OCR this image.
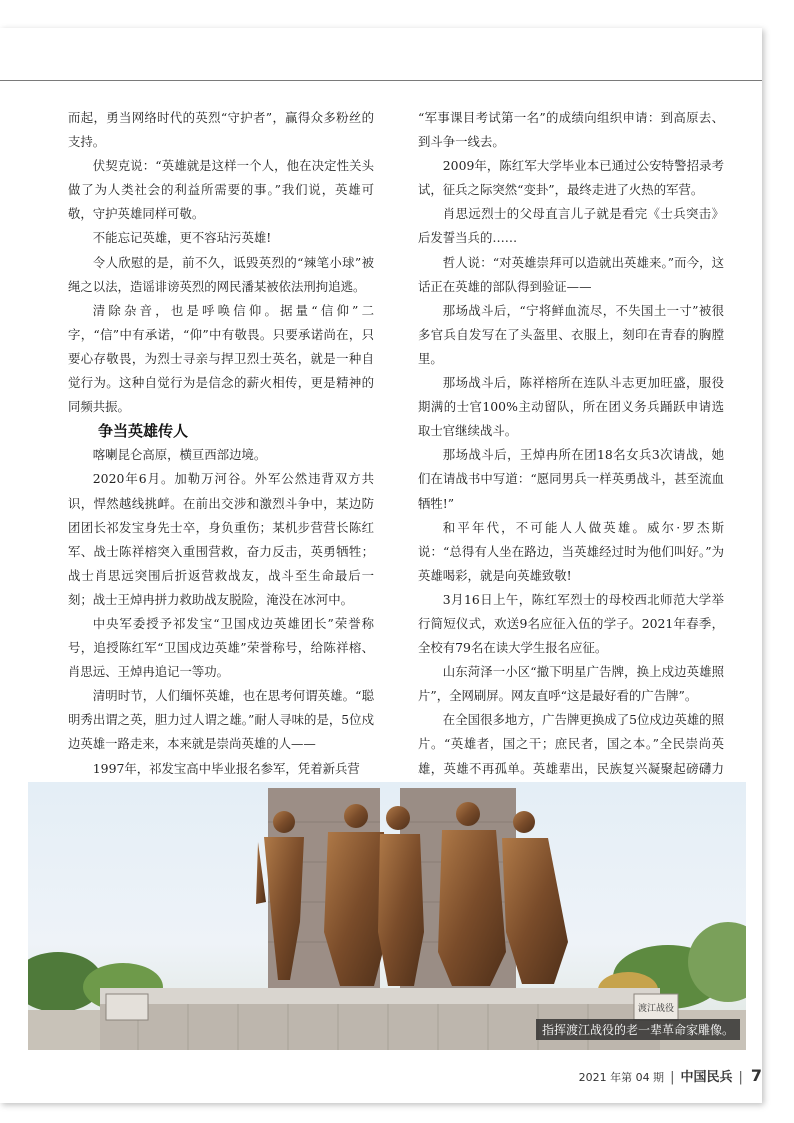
而起，勇当网络时代的英烈“守护者”，赢得众多粉丝的支持。

伏契克说：“英雄就是这样一个人，他在决定性关头做了为人类社会的利益所需要的事。”我们说，英雄可敬，守护英雄同样可敬。

不能忘记英雄，更不容玷污英雄!

令人欣慰的是，前不久，诋毁英烈的“辣笔小球”被绳之以法，造谣诽谤英烈的网民潘某被依法刑拘追逃。

清除杂音，也是呼唤信仰。据量“信仰”二字，“信”中有承诺，“仰”中有敬畏。只要承诺尚在，只要心存敬畏，为烈士寻亲与捍卫烈士英名，就是一种自觉行为。这种自觉行为是信念的薪火相传，更是精神的同频共振。

争当英雄传人

喀喇昆仑高原，横亘西部边境。

2020年6月。加勒万河谷。外军公然违背双方共识，悍然越线挑衅。在前出交涉和激烈斗争中，某边防团团长祁发宝身先士卒，身负重伤；某机步营营长陈红军、战士陈祥榕突入重围营救，奋力反击，英勇牺牲；战士肖思远突围后折返营救战友，战斗至生命最后一刻；战士王焯冉拼力救助战友脱险，淹没在冰河中。

中央军委授予祁发宝“卫国戍边英雄团长”荣誉称号，追授陈红军“卫国戍边英雄”荣誉称号，给陈祥榕、肖思远、王焯冉追记一等功。

清明时节，人们缅怀英雄，也在思考何谓英雄。“聪明秀出谓之英，胆力过人谓之雄。”耐人寻味的是，5位戍边英雄一路走来，本来就是崇尚英雄的人——

1997年，祁发宝高中毕业报名参军，凭着新兵营

“军事课目考试第一名”的成绩向组织申请：到高原去、到斗争一线去。

2009年，陈红军大学毕业本已通过公安特警招录考试，征兵之际突然“变卦”，最终走进了火热的军营。

肖思远烈士的父母直言儿子就是看完《士兵突击》后发誓当兵的……

哲人说：“对英雄崇拜可以造就出英雄来。”而今，这话正在英雄的部队得到验证——

那场战斗后，“宁将鲜血流尽，不失国土一寸”被很多官兵自发写在了头盔里、衣服上，刻印在青春的胸膛里。

那场战斗后，陈祥榕所在连队斗志更加旺盛，服役期满的士官100%主动留队，所在团义务兵踊跃申请选取士官继续战斗。

那场战斗后，王焯冉所在团18名女兵3次请战，她们在请战书中写道：“愿同男兵一样英勇战斗，甚至流血牺牲!”

和平年代，不可能人人做英雄。威尔·罗杰斯说：“总得有人坐在路边，当英雄经过时为他们叫好。”为英雄喝彩，就是向英雄致敬!

3月16日上午，陈红军烈士的母校西北师范大学举行简短仪式，欢送9名应征入伍的学子。2021年春季，全校有79名在读大学生报名应征。

山东菏泽一小区“撤下明星广告牌，换上戍边英雄照片”，全网刷屏。网友直呼“这是最好看的广告牌”。

在全国很多地方，广告牌更换成了5位戍边英雄的照片。“英雄者，国之干；庶民者，国之本。”全民崇尚英雄，英雄不再孤单。英雄辈出，民族复兴凝聚起磅礴力

渡江战役
指挥渡江战役的老一辈革命家雕像。
2021 年第 04 期 | 中国民兵 | 7
